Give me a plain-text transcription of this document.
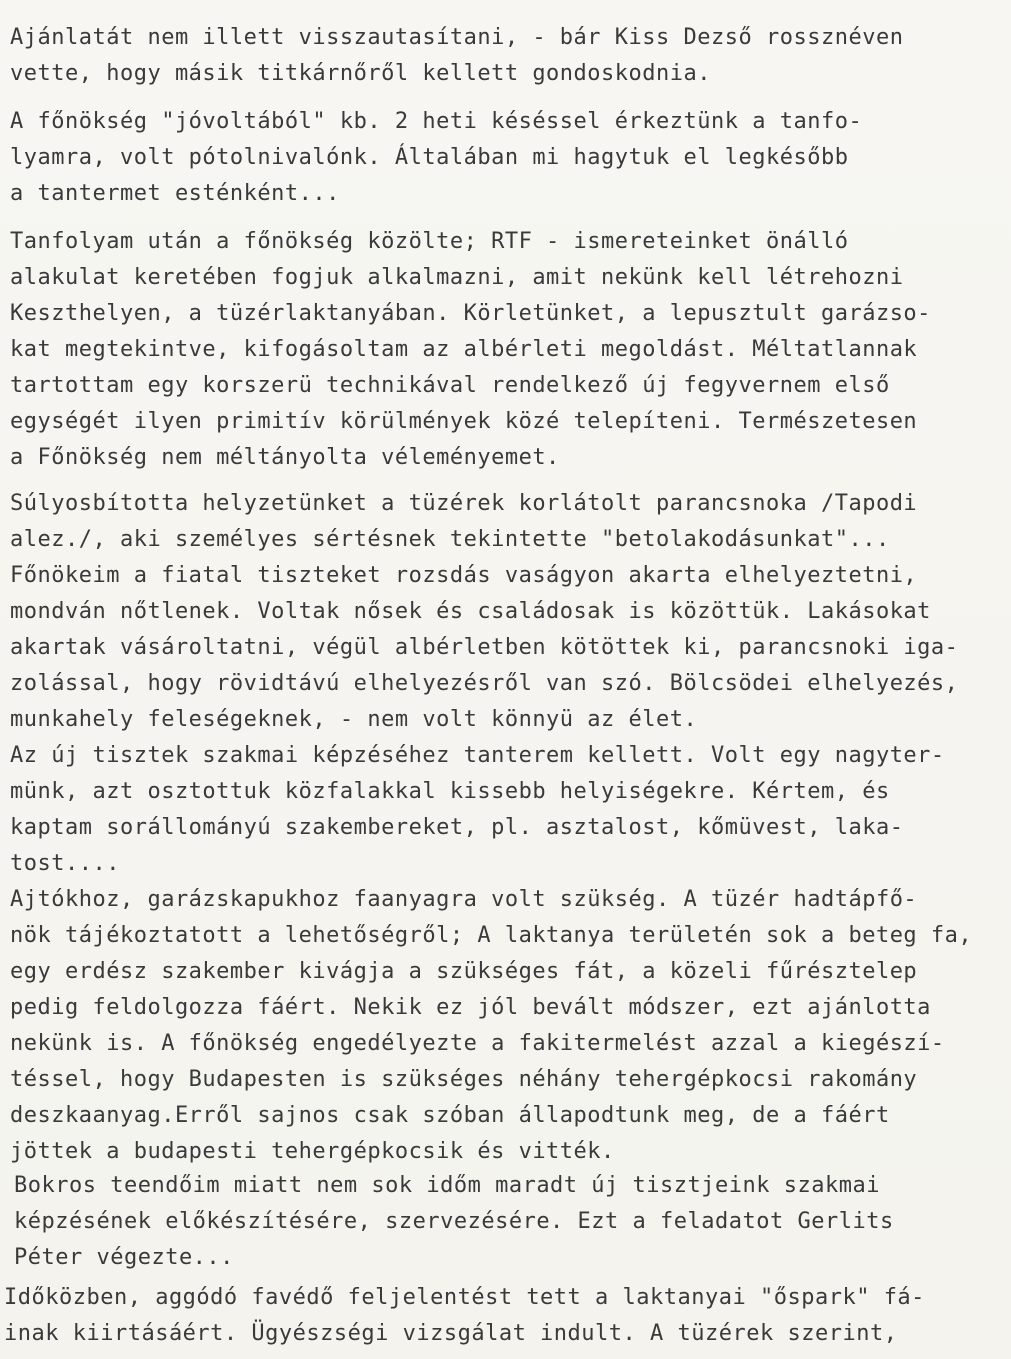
Ajánlatát nem illett visszautasítani, - bár Kiss Dezső rossznéven
vette, hogy másik titkárnőről kellett gondoskodnia.
A főnökség "jóvoltából" kb. 2 heti késéssel érkeztünk a tanfo-
lyamra, volt pótolnivalónk. Általában mi hagytuk el legkésőbb
a tantermet esténként...
Tanfolyam után a főnökség közölte; RTF - ismereteinket önálló
alakulat keretében fogjuk alkalmazni, amit nekünk kell létrehozni
Keszthelyen, a tüzérlaktanyában. Körletünket, a lepusztult garázso-
kat megtekintve, kifogásoltam az albérleti megoldást. Méltatlannak
tartottam egy korszerü technikával rendelkező új fegyvernem első
egységét ilyen primitív körülmények közé telepíteni. Természetesen
a Főnökség nem méltányolta véleményemet.
Súlyosbította helyzetünket a tüzérek korlátolt parancsnoka /Tapodi
alez./, aki személyes sértésnek tekintette "betolakodásunkat"...
Főnökeim a fiatal tiszteket rozsdás vaságyon akarta elhelyeztetni,
mondván nőtlenek. Voltak nősek és családosak is közöttük. Lakásokat
akartak vásároltatni, végül albérletben kötöttek ki, parancsnoki iga-
zolással, hogy rövidtávú elhelyezésről van szó. Bölcsödei elhelyezés,
munkahely feleségeknek, - nem volt könnyü az élet.
Az új tisztek szakmai képzéséhez tanterem kellett. Volt egy nagyter-
münk, azt osztottuk közfalakkal kissebb helyiségekre. Kértem, és
kaptam sorállományú szakembereket, pl. asztalost, kőmüvest, laka-
tost....
Ajtókhoz, garázskapukhoz faanyagra volt szükség. A tüzér hadtápfő-
nök tájékoztatott a lehetőségről; A laktanya területén sok a beteg fa,
egy erdész szakember kivágja a szükséges fát, a közeli fűrésztelep
pedig feldolgozza fáért. Nekik ez jól bevált módszer, ezt ajánlotta
nekünk is. A főnökség engedélyezte a fakitermelést azzal a kiegészí-
téssel, hogy Budapesten is szükséges néhány tehergépkocsi rakomány
deszkaanyag.Erről sajnos csak szóban állapodtunk meg, de a fáért
jöttek a budapesti tehergépkocsik és vitték.
Bokros teendőim miatt nem sok időm maradt új tisztjeink szakmai
képzésének előkészítésére, szervezésére. Ezt a feladatot Gerlits
Péter végezte...
Időközben, aggódó favédő feljelentést tett a laktanyai "őspark" fá-
inak kiirtásáért. Ügyészségi vizsgálat indult. A tüzérek szerint,
